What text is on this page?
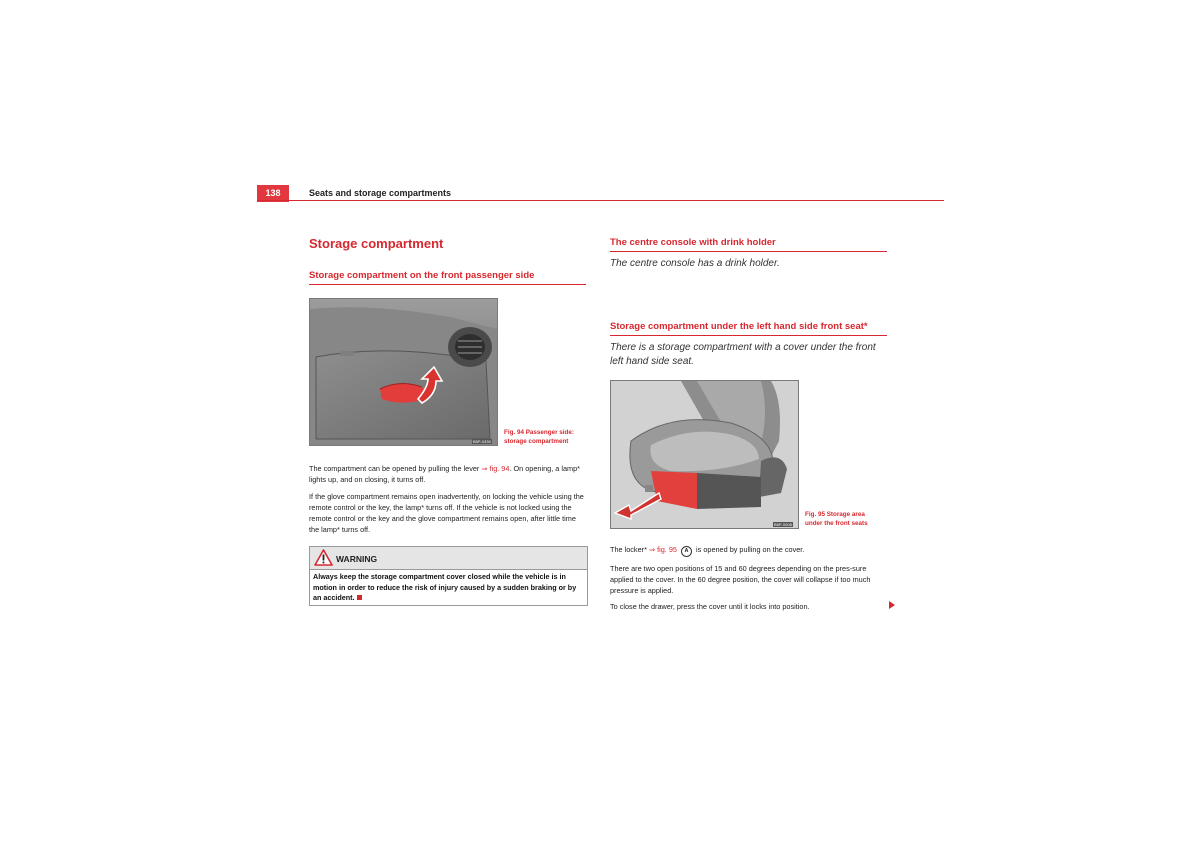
138	Seats and storage compartments
Storage compartment
Storage compartment on the front passenger side
B5P-0330
Fig. 94 Passenger side:
storage compartment

The compartment can be opened by pulling the lever ⇒ fig. 94. On opening, a lamp* lights up, and on closing, it turns off.

If the glove compartment remains open inadvertently, on locking the vehicle using the remote control or the key, the lamp* turns off. If the vehicle is not locked using the remote control or the key and the glove compartment remains open, after little time the lamp* turns off.

WARNING
Always keep the storage compartment cover closed while the vehicle is in motion in order to reduce the risk of injury caused by a sudden braking or by an accident.
The centre console with drink holder
The centre console has a drink holder.
Storage compartment under the left hand side front seat*
There is a storage compartment with a cover under the front left hand side seat.
B5P-0008
Fig. 95 Storage area
under the front seats

The locker* ⇒ fig. 95 A is opened by pulling on the cover.

There are two open positions of 15 and 60 degrees depending on the pres-sure applied to the cover. In the 60 degree position, the cover will collapse if too much pressure is applied.

To close the drawer, press the cover until it locks into position.
